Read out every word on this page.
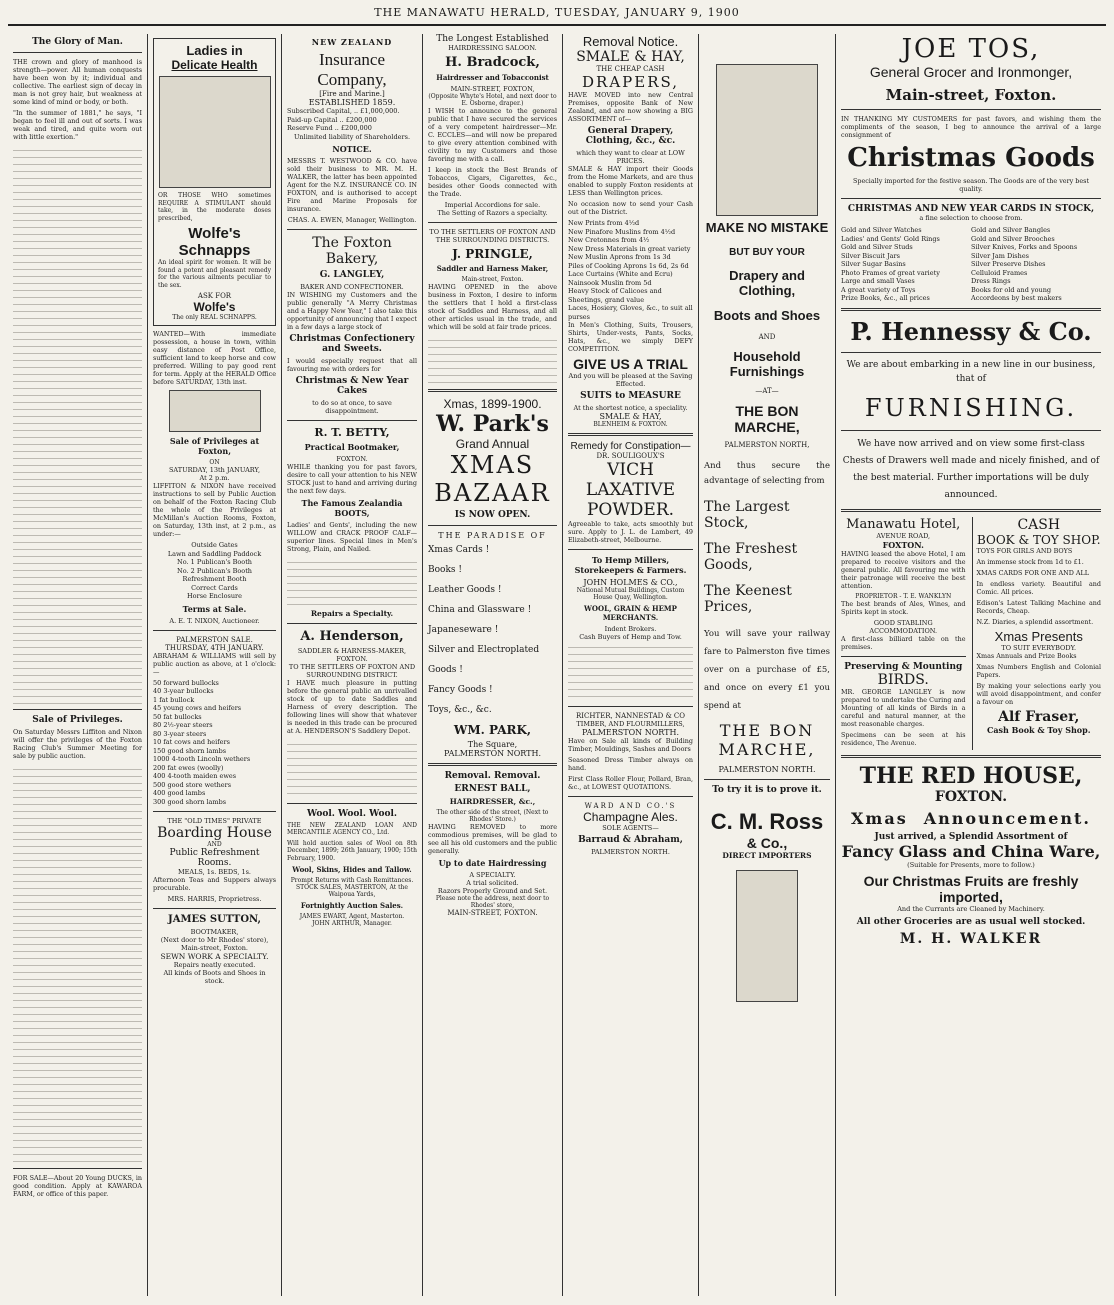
THE MANAWATU HERALD, TUESDAY, JANUARY 9, 1900
The Glory of Man.

THE crown and glory of manhood is strength—power. All human conquests have been won by it; individual and collective. The earliest sign of decay in man is not grey hair, but weakness at some kind of mind or body, or both.

"In the summer of 1881," he says, "I began to feel ill and out of sorts. I was weak and tired, and quite worn out with little exertion."

Sale of Privileges.

On Saturday Messrs Liffiton and Nixon will offer the privileges of the Foxton Racing Club's Summer Meeting for sale by public auction.

FOR SALE—About 20 Young DUCKS, in good condition. Apply at KAWAROA FARM, or office of this paper.

Ladies in
Delicate Health

OR THOSE WHO sometimes REQUIRE A STIMULANT should take, in the moderate doses prescribed,

Wolfe's
Schnapps

An ideal spirit for women. It will be found a potent and pleasant remedy for the various ailments peculiar to the sex.

ASK FOR
Wolfe's
The only REAL SCHNAPPS.

WANTED—With immediate possession, a house in town, within easy distance of Post Office, sufficient land to keep horse and cow preferred. Willing to pay good rent for term. Apply at the HERALD Office before SATURDAY, 13th inst.

Sale of Privileges at Foxton,
ON
SATURDAY, 13th JANUARY,
At 2 p.m.

LIFFITON & NIXON have received instructions to sell by Public Auction on behalf of the Foxton Racing Club the whole of the Privileges at McMillan's Auction Rooms, Foxton, on Saturday, 13th inst, at 2 p.m., as under:—

Outside Gates
Lawn and Saddling Paddock
No. 1 Publican's Booth
No. 2 Publican's Booth
Refreshment Booth
Correct Cards
Horse Enclosure
Terms at Sale.
A. E. T. NIXON, Auctioneer.
PALMERSTON SALE.
THURSDAY, 4TH JANUARY.

ABRAHAM & WILLIAMS will sell by public auction as above, at 1 o'clock:—

50 forward bullocks
40 3-year bullocks
1 fat bullock
45 young cows and heifers
50 fat bullocks
80 2½-year steers
80 3-year steers
10 fat cows and heifers
150 good shorn lambs
1000 4-tooth Lincoln wethers
200 fat ewes (woolly)
400 4-tooth maiden ewes
500 good store wethers
400 good lambs
300 good shorn lambs
THE "OLD TIMES" PRIVATE
Boarding House
AND
Public Refreshment Rooms.
MEALS, 1s. BEDS, 1s.

Afternoon Teas and Suppers always procurable.

MRS. HARRIS, Proprietress.
JAMES SUTTON,
BOOTMAKER,
(Next door to Mr Rhodes' store), Main-street, Foxton.
SEWN WORK A SPECIALTY.
Repairs neatly executed.
All kinds of Boots and Shoes in stock.
NEW ZEALAND
Insurance Company,
[Fire and Marine.]
ESTABLISHED 1859.
Subscribed Capital, .. £1,000,000.
Paid-up Capital .. £200,000
Reserve Fund .. £200,000
Unlimited liability of Shareholders.
NOTICE.

MESSRS T. WESTWOOD & CO. have sold their business to MR. M. H. WALKER, the latter has been appointed Agent for the N.Z. INSURANCE CO. IN FOXTON, and is authorised to accept Fire and Marine Proposals for insurance.

CHAS. A. EWEN, Manager, Wellington.
The Foxton Bakery,
G. LANGLEY,
BAKER AND CONFECTIONER.

IN WISHING my Customers and the public generally "A Merry Christmas and a Happy New Year," I also take this opportunity of announcing that I expect in a few days a large stock of

Christmas Confectionery and Sweets.

I would especially request that all favouring me with orders for

Christmas & New Year Cakes
to do so at once, to save disappointment.
R. T. BETTY,
Practical Bootmaker,
FOXTON.

WHILE thanking you for past favors, desire to call your attention to his NEW STOCK just to hand and arriving during the next few days.

The Famous Zealandia BOOTS,

Ladies' and Gents', including the new WILLOW and CRACK PROOF CALF—superior lines. Special lines in Men's Strong, Plain, and Nailed.

Repairs a Specialty.
A. Henderson,
SADDLER & HARNESS-MAKER, FOXTON.
TO THE SETTLERS OF FOXTON AND SURROUNDING DISTRICT.

I HAVE much pleasure in putting before the general public an unrivalled stock of up to date Saddles and Harness of every description. The following lines will show that whatever is needed in this trade can be procured at A. HENDERSON'S Saddlery Depot.

Wool. Wool. Wool.

THE NEW ZEALAND LOAN AND MERCANTILE AGENCY CO., Ltd.

Will hold auction sales of Wool on 8th December, 1899; 26th January, 1900; 15th February, 1900.

Wool, Skins, Hides and Tallow.
Prompt Returns with Cash Remittances.
STOCK SALES, MASTERTON, At the Waipoua Yards,
Fortnightly Auction Sales.
JAMES EWART, Agent, Masterton.
JOHN ARTHUR, Manager.
The Longest Established
HAIRDRESSING SALOON.
H. Bradcock,
Hairdresser and Tobacconist
MAIN-STREET, FOXTON,
(Opposite Whyte's Hotel, and next door to E. Osborne, draper.)

I WISH to announce to the general public that I have secured the services of a very competent hairdresser—Mr. C. ECCLES—and will now be prepared to give every attention combined with civility to my Customers and those favoring me with a call.

I keep in stock the Best Brands of Tobaccos, Cigars, Cigarettes, &c., besides other Goods connected with the Trade.

Imperial Accordions for sale.
The Setting of Razors a specialty.
TO THE SETTLERS OF FOXTON AND THE SURROUNDING DISTRICTS.
J. PRINGLE,
Saddler and Harness Maker,
Main-street, Foxton.

HAVING OPENED in the above business in Foxton, I desire to inform the settlers that I hold a first-class stock of Saddles and Harness, and all other articles usual in the trade, and which will be sold at fair trade prices.

Xmas, 1899-1900.
W. Park's
Grand Annual
XMAS
BAZAAR
IS NOW OPEN.
THE PARADISE OF
Xmas Cards !
Books !
Leather Goods !
China and Glassware !
Japaneseware !
Silver and Electroplated Goods !
Fancy Goods !
Toys, &c., &c.
WM. PARK,
The Square,
PALMERSTON NORTH.
Removal. Removal.
ERNEST BALL,
HAIRDRESSER, &c.,
The other side of the street, (Next to Rhodes' Store.)

HAVING REMOVED to more commodious premises, will be glad to see all his old customers and the public generally.

Up to date Hairdressing
A SPECIALTY.
A trial solicited.
Razors Properly Ground and Set.
Please note the address, next door to Rhodes' store,
MAIN-STREET, FOXTON.
Removal Notice.
SMALE & HAY,
THE CHEAP CASH
DRAPERS,

HAVE MOVED into new Central Premises, opposite Bank of New Zealand, and are now showing a BIG ASSORTMENT of—

General Drapery, Clothing, &c., &c.
which they want to clear at LOW PRICES.

SMALE & HAY import their Goods from the Home Markets, and are thus enabled to supply Foxton residents at LESS than Wellington prices.

No occasion now to send your Cash out of the District.

New Prints from 4½d
New Pinafore Muslins from 4½d
New Cretonnes from 4½
New Dress Materials in great variety
New Muslin Aprons from 1s 3d
Piles of Cooking Aprons 1s 6d, 2s 6d
Lace Curtains (White and Ecru)
Nainsook Muslin from 5d
Heavy Stock of Calicoes and Sheetings, grand value
Laces, Hosiery, Gloves, &c., to suit all purses

In Men's Clothing, Suits, Trousers, Shirts, Under-vests, Pants, Socks, Hats, &c., we simply DEFY COMPETITION.

GIVE US A TRIAL
And you will be pleased at the Saving Effected.
SUITS to MEASURE
At the shortest notice, a speciality.
SMALE & HAY,
BLENHEIM & FOXTON.
Remedy for Constipation—
DR. SOULIGOUX'S
VICH LAXATIVE
POWDER.

Agreeable to take, acts smoothly but sure. Apply to J. L. de Lambert, 49 Elizabeth-street, Melbourne.

To Hemp Millers, Storekeepers & Farmers.
JOHN HOLMES & CO.,
National Mutual Buildings, Custom House Quay, Wellington.
WOOL, GRAIN & HEMP MERCHANTS.
Indent Brokers.
Cash Buyers of Hemp and Tow.
RICHTER, NANNESTAD & CO
TIMBER, AND FLOURMILLERS,
PALMERSTON NORTH.

Have on Sale all kinds of Building Timber, Mouldings, Sashes and Doors

Seasoned Dress Timber always on hand.

First Class Roller Flour, Pollard, Bran, &c., at LOWEST QUOTATIONS.

WARD AND CO.'S
Champagne Ales.
SOLE AGENTS—
Barraud & Abraham,
PALMERSTON NORTH.
MAKE NO MISTAKE
BUT BUY YOUR
Drapery and Clothing,
Boots and Shoes
AND
Household Furnishings
—AT—
THE BON MARCHE,
PALMERSTON NORTH,

And thus secure the advantage of selecting from

The Largest Stock,
The Freshest Goods,
The Keenest Prices,

You will save your railway fare to Palmerston five times over on a purchase of £5, and once on every £1 you spend at

THE BON MARCHE,
PALMERSTON NORTH.
To try it is to prove it.
C. M. Ross
& Co.,
DIRECT IMPORTERS
JOE TOS,
General Grocer and Ironmonger,
Main-street, Foxton.

IN THANKING MY CUSTOMERS for past favors, and wishing them the compliments of the season, I beg to announce the arrival of a large consignment of

Christmas Goods

Specially imported for the festive season. The Goods are of the very best quality.

CHRISTMAS AND NEW YEAR CARDS IN STOCK,
a fine selection to choose from.
Gold and Silver Watches
Ladies' and Gents' Gold Rings
Gold and Silver Studs
Silver Biscuit Jars
Silver Sugar Basins
Photo Frames of great variety
Large and small Vases
A great variety of Toys
Prize Books, &c., all prices
Gold and Silver Bangles
Gold and Silver Brooches
Silver Knives, Forks and Spoons
Silver Jam Dishes
Silver Preserve Dishes
Celluloid Frames
Dress Rings
Books for old and young
Accordeons by best makers
P. Hennessy & Co.

We are about embarking in a new line in our business, that of

FURNISHING.

We have now arrived and on view some first-class Chests of Drawers well made and nicely finished, and of the best material. Further importations will be duly announced.

Manawatu Hotel,
AVENUE ROAD,
FOXTON.

HAVING leased the above Hotel, I am prepared to receive visitors and the general public. All favouring me with their patronage will receive the best attention.

PROPRIETOR - T. E. WANKLYN

The best brands of Ales, Wines, and Spirits kept in stock.

GOOD STABLING ACCOMMODATION.

A first-class billiard table on the premises.

Preserving & Mounting
BIRDS.

MR. GEORGE LANGLEY is now prepared to undertake the Curing and Mounting of all kinds of Birds in a careful and natural manner, at the most reasonable charges.

Specimens can be seen at his residence, The Avenue.

CASH
BOOK & TOY SHOP.

TOYS FOR GIRLS AND BOYS

An immense stock from 1d to £1.

XMAS CARDS FOR ONE AND ALL

In endless variety. Beautiful and Comic. All prices.

Edison's Latest Talking Machine and Records, Cheap.

N.Z. Diaries, a splendid assortment.

Xmas Presents
TO SUIT EVERYBODY.

Xmas Annuals and Prize Books

Xmas Numbers English and Colonial Papers.

By making your selections early you will avoid disappointment, and confer a favour on

Alf Fraser,
Cash Book & Toy Shop.
THE RED HOUSE,
FOXTON.
Xmas Announcement.
Just arrived, a Splendid Assortment of
Fancy Glass and China Ware,
(Suitable for Presents, more to follow.)
Our Christmas Fruits are freshly imported,
And the Currants are Cleaned by Machinery.
All other Groceries are as usual well stocked.
M. H. WALKER
